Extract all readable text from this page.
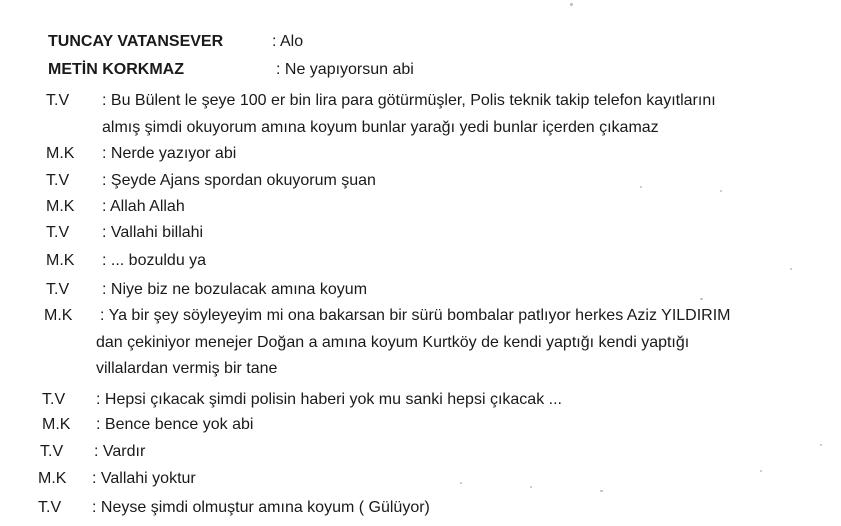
TUNCAY VATANSEVER	: Alo
METİN KORKMAZ	: Ne yapıyorsun abi
T.V : Bu Bülent le şeye 100 er bin lira para götürmüşler, Polis teknik takip telefon kayıtlarını
almış şimdi okuyorum amına koyum bunlar yarağı yedi bunlar içerden çıkamaz
M.K : Nerde yazıyor abi
T.V : Şeyde Ajans spordan okuyorum şuan
M.K : Allah Allah
T.V : Vallahi billahi
M.K : ... bozuldu ya
T.V : Niye biz ne bozulacak amına koyum
M.K : Ya bir şey söyleyeyim mi ona bakarsan bir sürü bombalar patlıyor herkes Aziz YILDIRIM
dan çekiniyor menejer Doğan a amına koyum Kurtköy de kendi yaptığı kendi yaptığı
villalardan vermiş bir tane
T.V : Hepsi çıkacak şimdi polisin haberi yok mu sanki hepsi çıkacak ...
M.K : Bence bence yok abi
T.V : Vardır
M.K : Vallahi yoktur
T.V : Neyse şimdi olmuştur amına koyum ( Gülüyor)
